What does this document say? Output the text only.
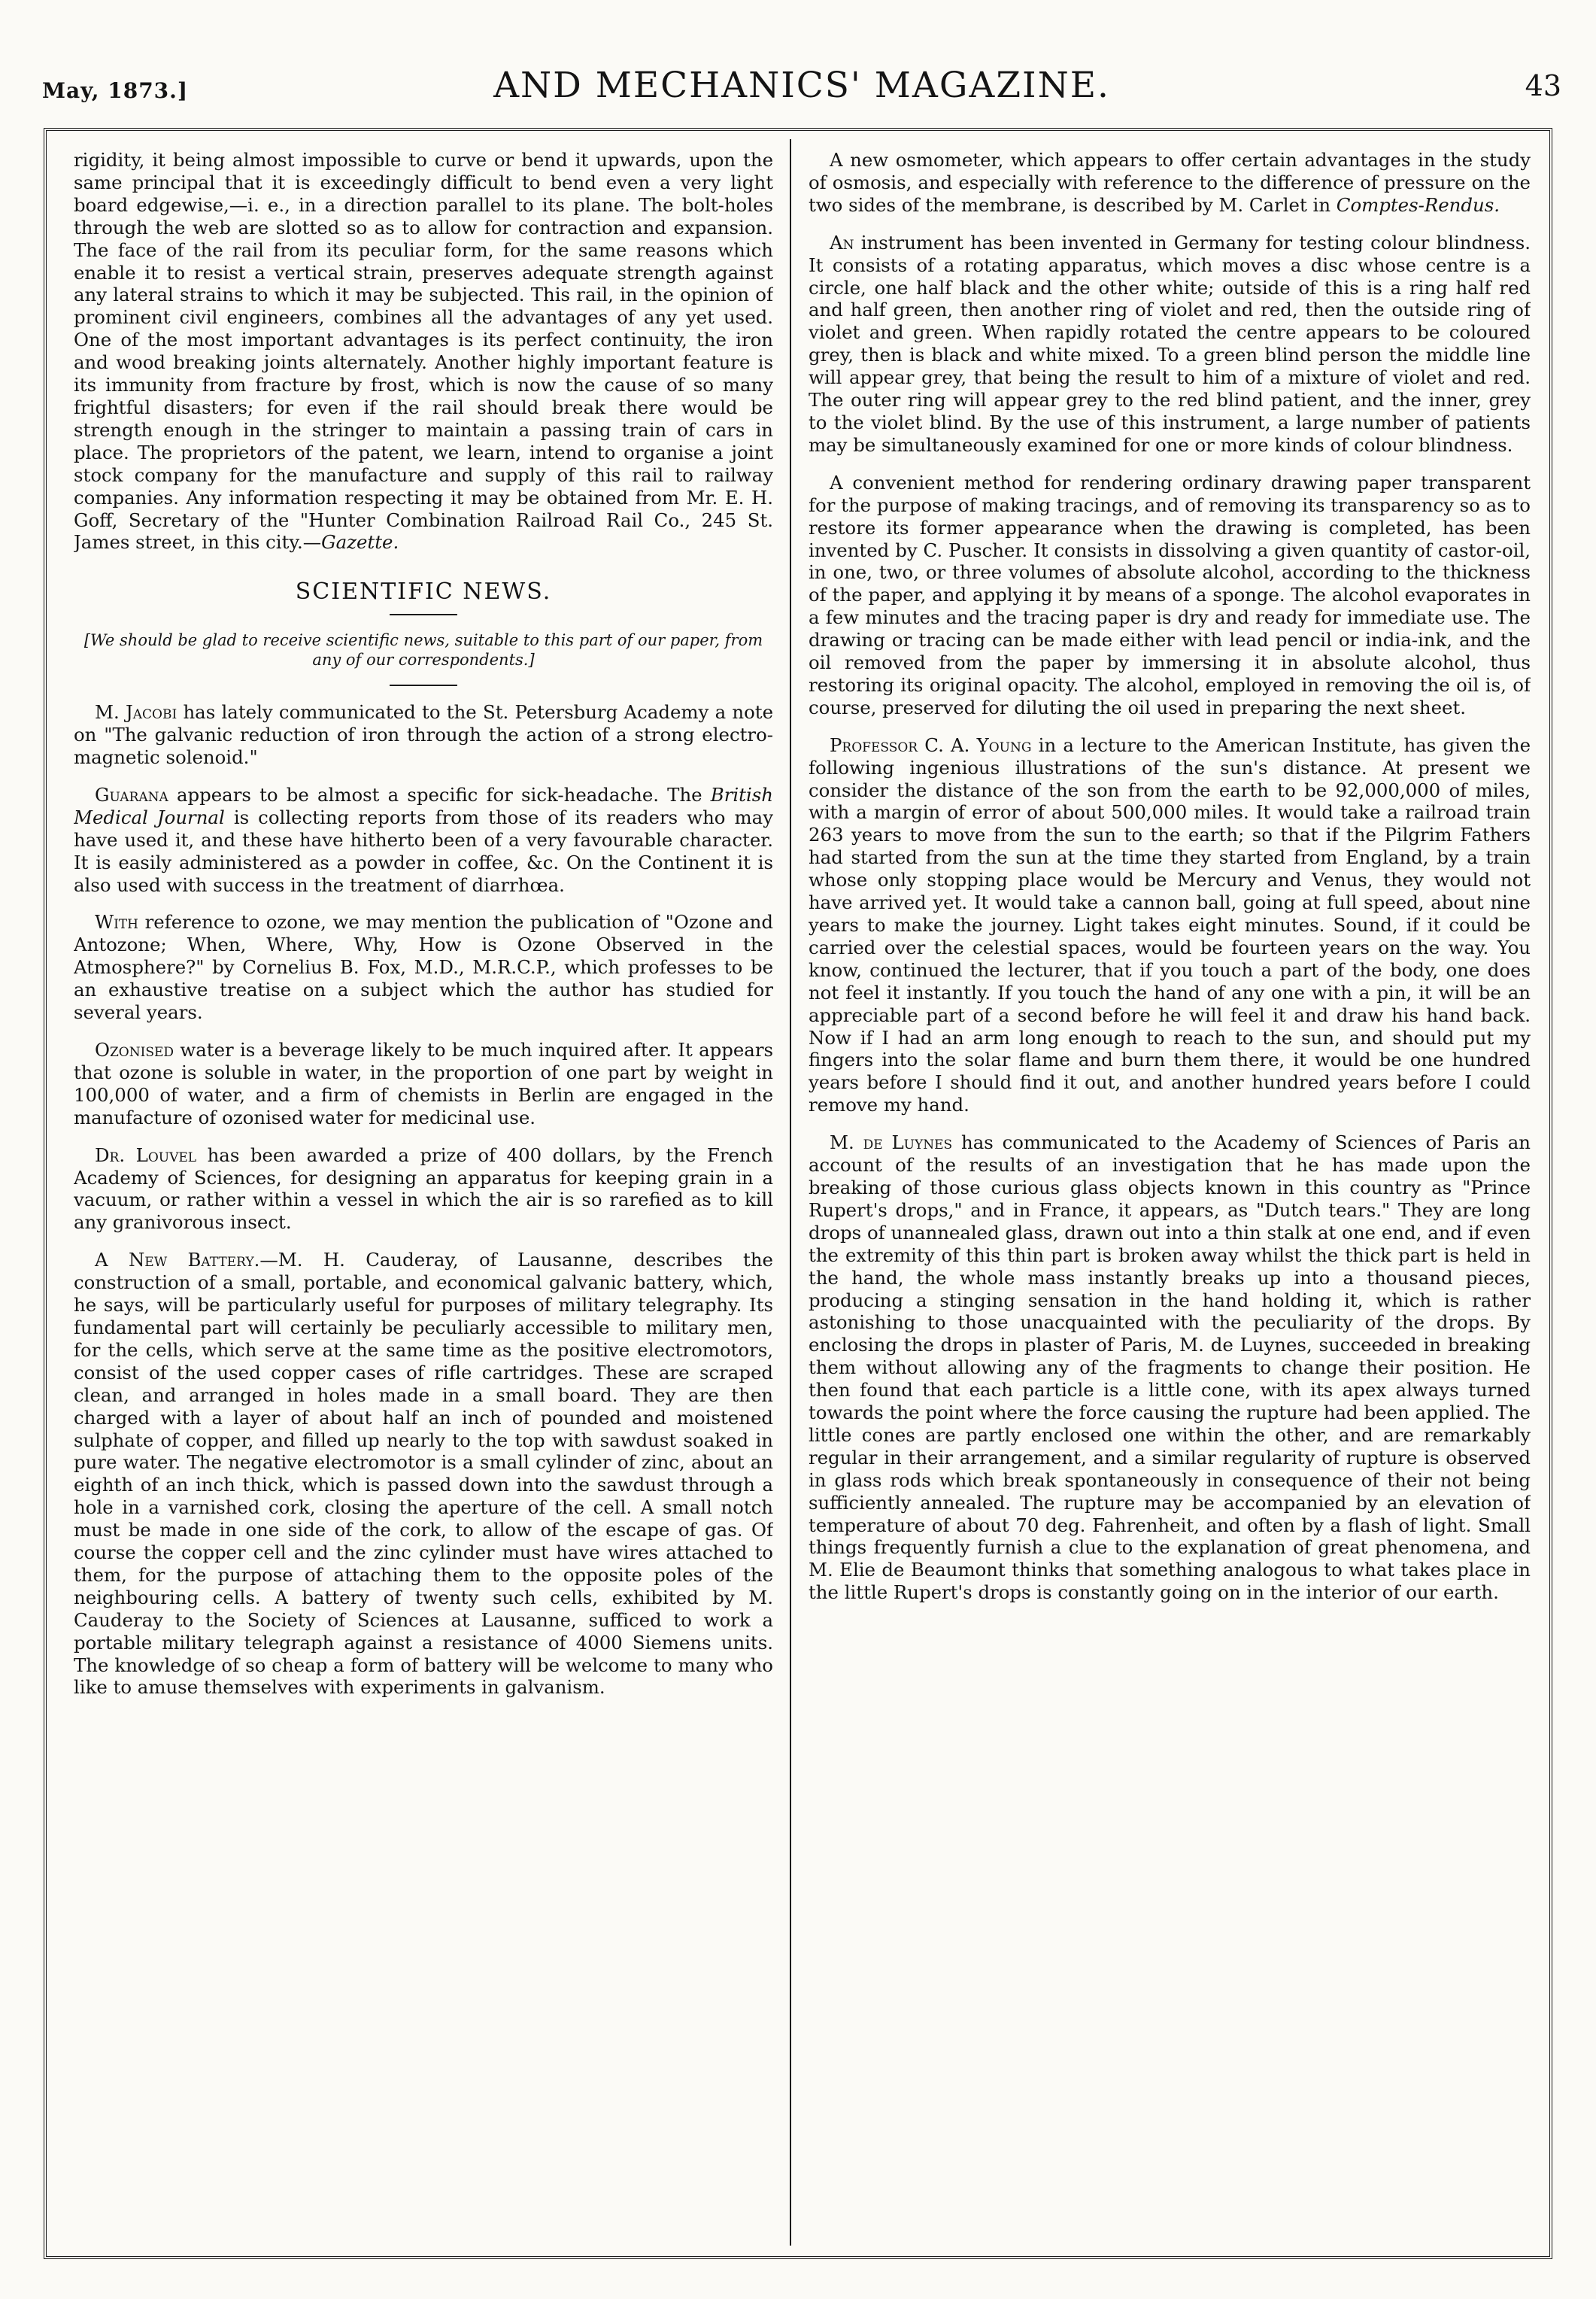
May, 1873.]	AND MECHANICS' MAGAZINE.	43

rigidity, it being almost impossible to curve or bend it upwards, upon the same principal that it is exceedingly difficult to bend even a very light board edgewise,—i. e., in a direction parallel to its plane. The bolt-holes through the web are slotted so as to allow for contraction and expansion. The face of the rail from its peculiar form, for the same reasons which enable it to resist a vertical strain, preserves adequate strength against any lateral strains to which it may be subjected. This rail, in the opinion of prominent civil engineers, combines all the advantages of any yet used. One of the most important advantages is its perfect continuity, the iron and wood breaking joints alternately. Another highly important feature is its immunity from fracture by frost, which is now the cause of so many frightful disasters; for even if the rail should break there would be strength enough in the stringer to maintain a passing train of cars in place. The proprietors of the patent, we learn, intend to organise a joint stock company for the manufacture and supply of this rail to railway companies. Any information respecting it may be obtained from Mr. E. H. Goff, Secretary of the "Hunter Combination Railroad Rail Co., 245 St. James street, in this city.—Gazette.

SCIENTIFIC NEWS.

[We should be glad to receive scientific news, suitable to this part of our paper, from any of our correspondents.]

M. Jacobi has lately communicated to the St. Petersburg Academy a note on "The galvanic reduction of iron through the action of a strong electro-magnetic solenoid."

Guarana appears to be almost a specific for sick-headache. The British Medical Journal is collecting reports from those of its readers who may have used it, and these have hitherto been of a very favourable character. It is easily administered as a powder in coffee, &c. On the Continent it is also used with success in the treatment of diarrhœa.

With reference to ozone, we may mention the publication of "Ozone and Antozone; When, Where, Why, How is Ozone Observed in the Atmosphere?" by Cornelius B. Fox, M.D., M.R.C.P., which professes to be an exhaustive treatise on a subject which the author has studied for several years.

Ozonised water is a beverage likely to be much inquired after. It appears that ozone is soluble in water, in the proportion of one part by weight in 100,000 of water, and a firm of chemists in Berlin are engaged in the manufacture of ozonised water for medicinal use.

Dr. Louvel has been awarded a prize of 400 dollars, by the French Academy of Sciences, for designing an apparatus for keeping grain in a vacuum, or rather within a vessel in which the air is so rarefied as to kill any granivorous insect.

A New Battery.—M. H. Cauderay, of Lausanne, describes the construction of a small, portable, and economical galvanic battery, which, he says, will be particularly useful for purposes of military telegraphy. Its fundamental part will certainly be peculiarly accessible to military men, for the cells, which serve at the same time as the positive electromotors, consist of the used copper cases of rifle cartridges. These are scraped clean, and arranged in holes made in a small board. They are then charged with a layer of about half an inch of pounded and moistened sulphate of copper, and filled up nearly to the top with sawdust soaked in pure water. The negative electromotor is a small cylinder of zinc, about an eighth of an inch thick, which is passed down into the sawdust through a hole in a varnished cork, closing the aperture of the cell. A small notch must be made in one side of the cork, to allow of the escape of gas. Of course the copper cell and the zinc cylinder must have wires attached to them, for the purpose of attaching them to the opposite poles of the neighbouring cells. A battery of twenty such cells, exhibited by M. Cauderay to the Society of Sciences at Lausanne, sufficed to work a portable military telegraph against a resistance of 4000 Siemens units. The knowledge of so cheap a form of battery will be welcome to many who like to amuse themselves with experiments in galvanism.

A new osmometer, which appears to offer certain advantages in the study of osmosis, and especially with reference to the difference of pressure on the two sides of the membrane, is described by M. Carlet in Comptes-Rendus.

An instrument has been invented in Germany for testing colour blindness. It consists of a rotating apparatus, which moves a disc whose centre is a circle, one half black and the other white; outside of this is a ring half red and half green, then another ring of violet and red, then the outside ring of violet and green. When rapidly rotated the centre appears to be coloured grey, then is black and white mixed. To a green blind person the middle line will appear grey, that being the result to him of a mixture of violet and red. The outer ring will appear grey to the red blind patient, and the inner, grey to the violet blind. By the use of this instrument, a large number of patients may be simultaneously examined for one or more kinds of colour blindness.

A convenient method for rendering ordinary drawing paper transparent for the purpose of making tracings, and of removing its transparency so as to restore its former appearance when the drawing is completed, has been invented by C. Puscher. It consists in dissolving a given quantity of castor-oil, in one, two, or three volumes of absolute alcohol, according to the thickness of the paper, and applying it by means of a sponge. The alcohol evaporates in a few minutes and the tracing paper is dry and ready for immediate use. The drawing or tracing can be made either with lead pencil or india-ink, and the oil removed from the paper by immersing it in absolute alcohol, thus restoring its original opacity. The alcohol, employed in removing the oil is, of course, preserved for diluting the oil used in preparing the next sheet.

Professor C. A. Young in a lecture to the American Institute, has given the following ingenious illustrations of the sun's distance. At present we consider the distance of the son from the earth to be 92,000,000 of miles, with a margin of error of about 500,000 miles. It would take a railroad train 263 years to move from the sun to the earth; so that if the Pilgrim Fathers had started from the sun at the time they started from England, by a train whose only stopping place would be Mercury and Venus, they would not have arrived yet. It would take a cannon ball, going at full speed, about nine years to make the journey. Light takes eight minutes. Sound, if it could be carried over the celestial spaces, would be fourteen years on the way. You know, continued the lecturer, that if you touch a part of the body, one does not feel it instantly. If you touch the hand of any one with a pin, it will be an appreciable part of a second before he will feel it and draw his hand back. Now if I had an arm long enough to reach to the sun, and should put my fingers into the solar flame and burn them there, it would be one hundred years before I should find it out, and another hundred years before I could remove my hand.

M. de Luynes has communicated to the Academy of Sciences of Paris an account of the results of an investigation that he has made upon the breaking of those curious glass objects known in this country as "Prince Rupert's drops," and in France, it appears, as "Dutch tears." They are long drops of unannealed glass, drawn out into a thin stalk at one end, and if even the extremity of this thin part is broken away whilst the thick part is held in the hand, the whole mass instantly breaks up into a thousand pieces, producing a stinging sensation in the hand holding it, which is rather astonishing to those unacquainted with the peculiarity of the drops. By enclosing the drops in plaster of Paris, M. de Luynes, succeeded in breaking them without allowing any of the fragments to change their position. He then found that each particle is a little cone, with its apex always turned towards the point where the force causing the rupture had been applied. The little cones are partly enclosed one within the other, and are remarkably regular in their arrangement, and a similar regularity of rupture is observed in glass rods which break spontaneously in consequence of their not being sufficiently annealed. The rupture may be accompanied by an elevation of temperature of about 70 deg. Fahrenheit, and often by a flash of light. Small things frequently furnish a clue to the explanation of great phenomena, and M. Elie de Beaumont thinks that something analogous to what takes place in the little Rupert's drops is constantly going on in the interior of our earth.
